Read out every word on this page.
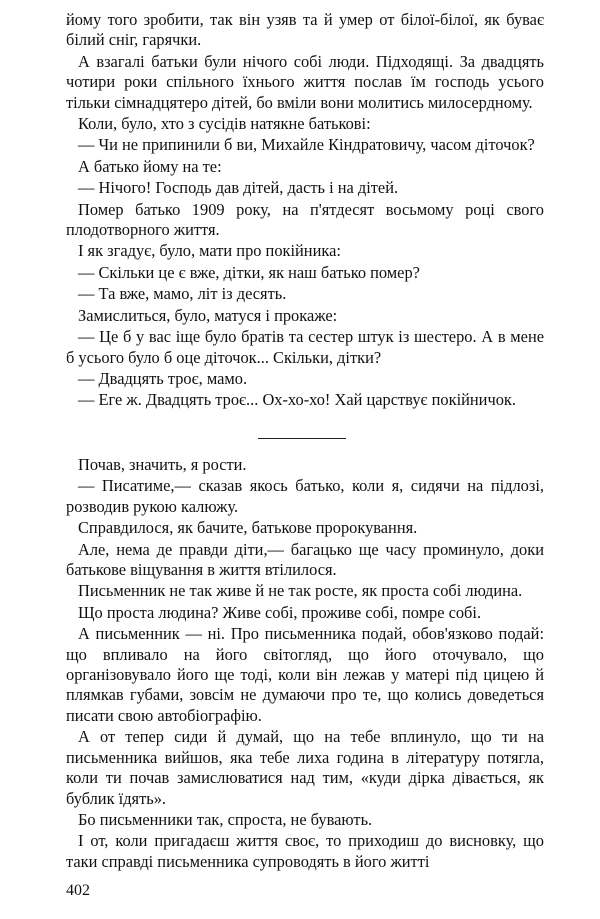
йому того зробити, так він узяв та й умер от білої-білої, як буває білий сніг, гарячки.

А взагалі батьки були нічого собі люди. Підходящі. За двадцять чотири роки спільного їхнього життя послав їм господь усього тільки сімнадцятеро дітей, бо вміли вони молитись милосердному.

Коли, було, хто з сусідів натякне батькові:

— Чи не припинили б ви, Михайле Кіндратовичу, часом діточок?

А батько йому на те:

— Нічого! Господь дав дітей, дасть і на дітей.

Помер батько 1909 року, на п'ятдесят восьмому році свого плодотворного життя.

І як згадує, було, мати про покійника:

— Скільки це є вже, дітки, як наш батько помер?

— Та вже, мамо, літ із десять.

Замислиться, було, матуся і прокаже:

— Це б у вас іще було братів та сестер штук із шестеро. А в мене б усього було б оце діточок... Скільки, дітки?

— Двадцять троє, мамо.

— Еге ж. Двадцять троє... Ох-хо-хо! Хай царствує покійничок.

Почав, значить, я рости.

— Писатиме,— сказав якось батько, коли я, сидячи на підлозі, розводив рукою калюжу.

Справдилося, як бачите, батькове пророкування.

Але, нема де правди діти,— багацько ще часу проминуло, доки батькове віщування в життя втілилося.

Письменник не так живе й не так росте, як проста собі людина.

Що проста людина? Живе собі, проживе собі, помре собі.

А письменник — ні. Про письменника подай, обов'язково подай: що впливало на його світогляд, що його оточувало, що організовувало його ще тоді, коли він лежав у матері під цицею й плямкав губами, зовсім не думаючи про те, що колись доведеться писати свою автобіографію.

А от тепер сиди й думай, що на тебе вплинуло, що ти на письменника вийшов, яка тебе лиха година в літературу потягла, коли ти почав замислюватися над тим, «куди дірка дівається, як бублик їдять».

Бо письменники так, спроста, не бувають.

І от, коли пригадаєш життя своє, то приходиш до висновку, що таки справді письменника супроводять в його житті

402
